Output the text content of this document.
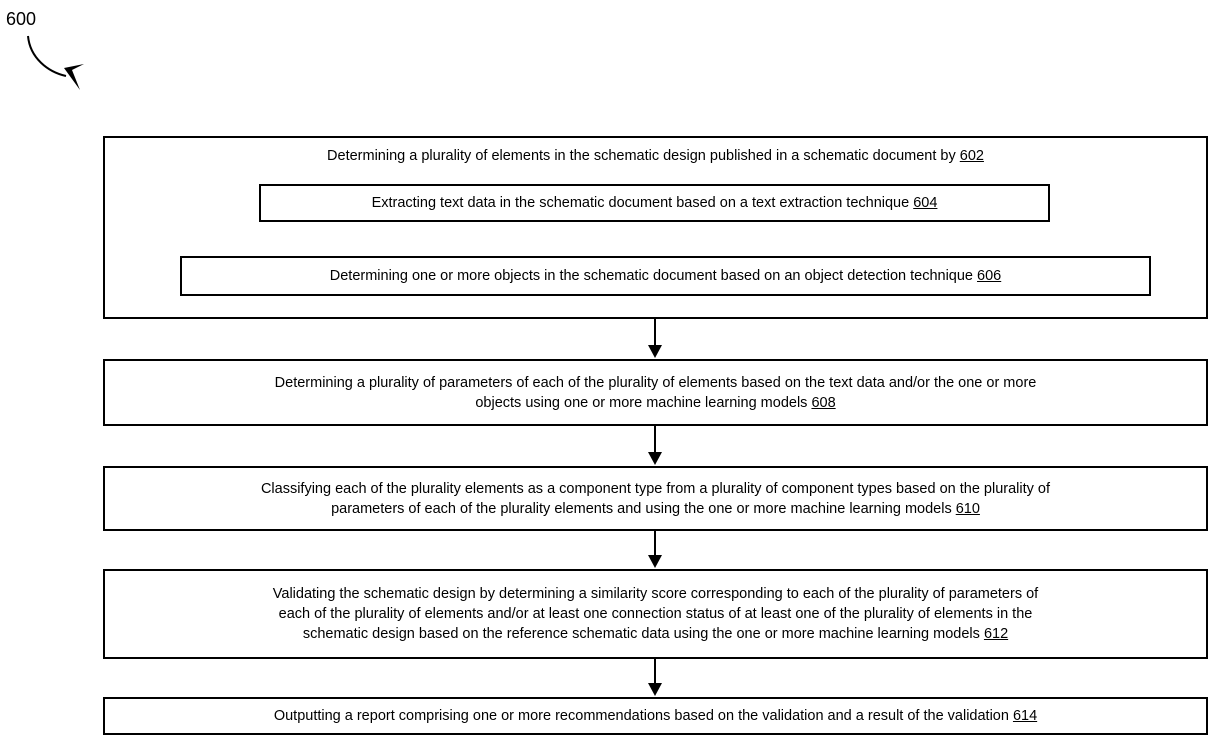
600
Determining a plurality of elements in the schematic design published in a schematic document by 602
Extracting text data in the schematic document based on a text extraction technique 604
Determining one or more objects in the schematic document based on an object detection technique 606
Determining a plurality of parameters of each of the plurality of elements based on the text data and/or the one or more
objects using one or more machine learning models 608
Classifying each of the plurality elements as a component type from a plurality of component types based on the plurality of
parameters of each of the plurality elements and using the one or more machine learning models 610
Validating the schematic design by determining a similarity score corresponding to each of the plurality of parameters of
each of the plurality of elements and/or at least one connection status of at least one of the plurality of elements in the
schematic design based on the reference schematic data using the one or more machine learning models 612
Outputting a report comprising one or more recommendations based on the validation and a result of the validation 614
